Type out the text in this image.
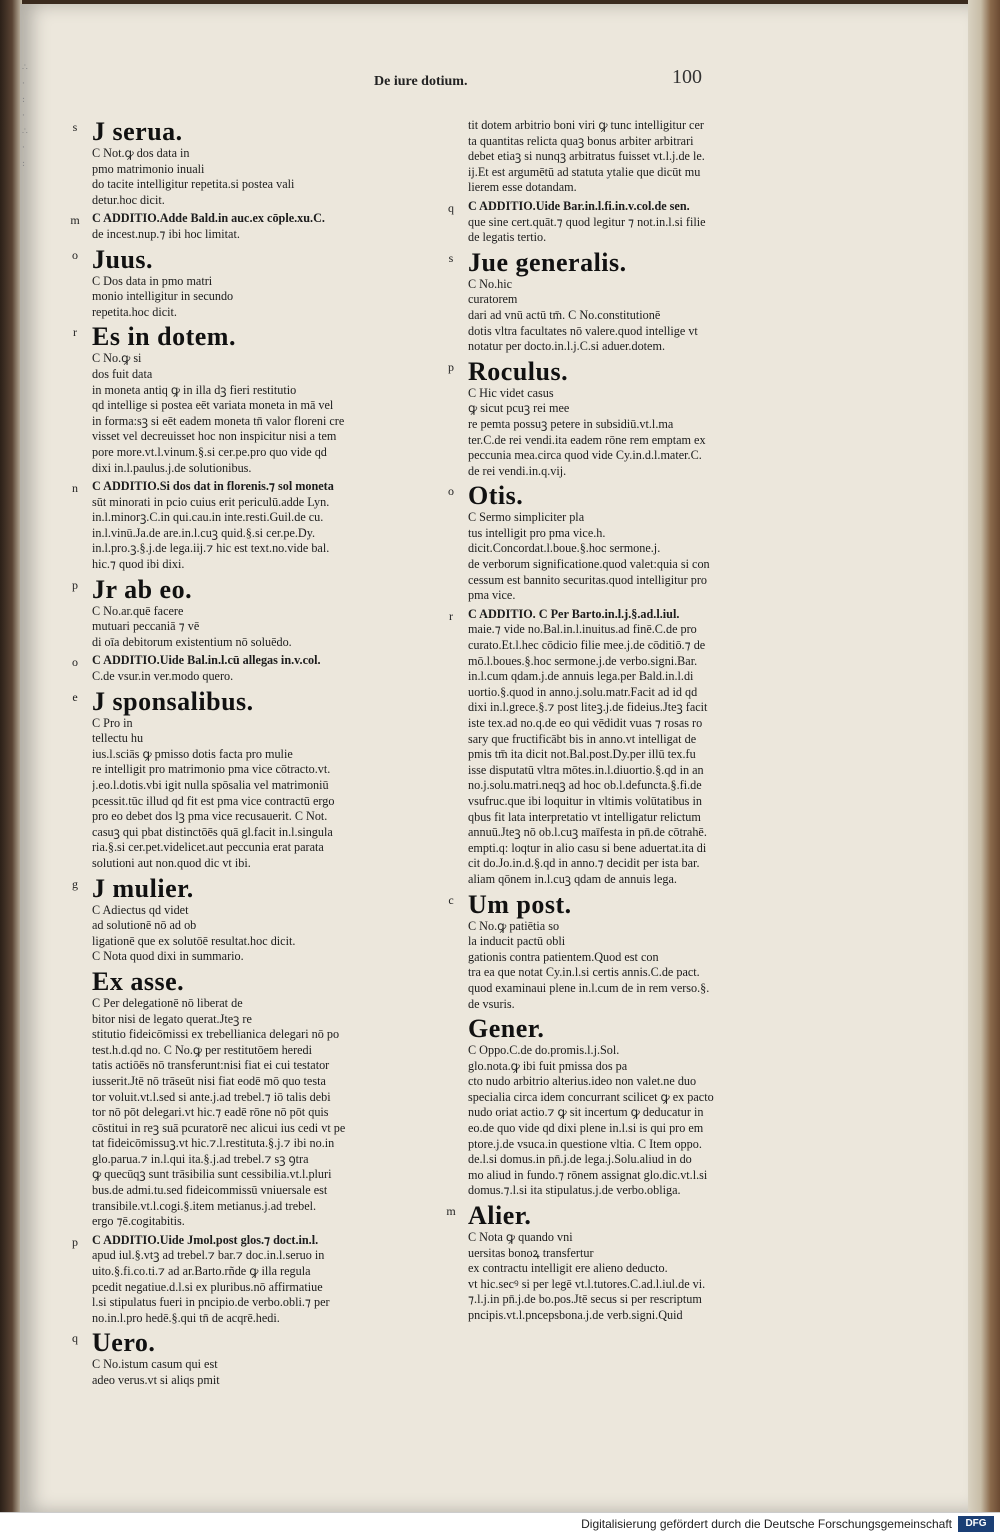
∴
·
:
·
∴
·
:
De iure dotium.	100
s J serua.
C Not.ꝙ dos data in
pmo matrimonio inuali
do tacite intelligitur repetita.si postea vali
detur.hoc dicit.
m	C ADDITIO.Adde Bald.in auc.ex cōple.xu.C.
de incest.nup.⁊ ibi hoc limitat.
o Juus.
C Dos data in pmo matri
monio intelligitur in secundo
repetita.hoc dicit.
r Es in dotem.
C No.ꝙ si
dos fuit data
in moneta antiq ꝙ in illa dꝫ fieri restitutio
qd intellige si postea eēt variata moneta in mā vel
in forma:sꝫ si eēt eadem moneta tn̄ valor floreni cre
visset vel decreuisset hoc non inspicitur nisi a tem
pore more.vt.l.vinum.§.si cer.pe.pro quo vide qd
dixi in.l.paulus.j.de solutionibus.
n	C ADDITIO.Si dos dat in florenis.⁊ sol moneta
sūt minorati in pcio cuius erit periculū.adde Lyn.
in.l.minorꝫ.C.in qui.cau.in inte.resti.Guil.de cu.
in.l.vinū.Ja.de are.in.l.cuꝫ quid.§.si cer.pe.Dy.
in.l.pro.ꝫ.§.j.de lega.iij.⁊ hic est text.no.vide bal.
hic.⁊ quod ibi dixi.
p Jr ab eo.
C No.ar.quē facere
mutuari peccaniā ⁊ vē
di oīa debitorum existentium nō soluēdo.
o	C ADDITIO.Uide Bal.in.l.cū allegas in.v.col.
C.de vsur.in ver.modo quero.
e J sponsalibus.
C Pro in
tellectu hu
ius.l.sciās ꝙ pmisso dotis facta pro mulie
re intelligit pro matrimonio pma vice cōtracto.vt.
j.eo.l.dotis.vbi igit nulla spōsalia vel matrimoniū
pcessit.tūc illud qd fit est pma vice contractū ergo
pro eo debet dos lꝫ pma vice recusauerit. C Not.
casuꝫ qui pbat distinctōēs quā gl.facit in.l.singula
ria.§.si cer.pet.videlicet.aut peccunia erat parata
solutioni aut non.quod dic vt ibi.
g J mulier.
C Adiectus qd videt
ad solutionē nō ad ob
ligationē que ex solutōē resultat.hoc dicit.
C Nota quod dixi in summario.
Ex asse.
C Per delegationē nō liberat de
bitor nisi de legato querat.Jteꝫ re
stitutio fideicōmissi ex trebellianica delegari nō po
test.h.d.qd no. C No.ꝙ per restitutōem heredi
tatis actiōēs nō transferunt:nisi fiat ei cui testator
iusserit.Jtē nō trāseūt nisi fiat eodē mō quo testa
tor voluit.vt.l.sed si ante.j.ad trebel.⁊ iō talis debi
tor nō pōt delegari.vt hic.⁊ eadē rōne nō pōt quis
cōstitui in reꝫ suā pcuratorē nec alicui ius cedi vt pe
tat fideicōmissuꝫ.vt hic.⁊.l.restituta.§.j.⁊ ibi no.in
glo.parua.⁊ in.l.qui ita.§.j.ad trebel.⁊ sꝫ ꝯtra
ꝙ quecūqꝫ sunt trāsibilia sunt cessibilia.vt.l.pluri
bus.de admi.tu.sed fideicommissū vniuersale est
transibile.vt.l.cogi.§.item metianus.j.ad trebel.
ergo ⁊ē.cogitabitis.
p	C ADDITIO.Uide Jmol.post glos.⁊ doct.in.l.
apud iul.§.vtꝫ ad trebel.⁊ bar.⁊ doc.in.l.seruo in
uito.§.fi.co.ti.⁊ ad ar.Barto.rñde ꝙ illa regula
pcedit negatiue.d.l.si ex pluribus.nō affirmatiue
l.si stipulatus fueri in pncipio.de verbo.obli.⁊ per
no.in.l.pro hedē.§.qui tn̄ de acqrē.hedi.
q Uero.
C No.istum casum qui est
adeo verus.vt si aliqs pmit
tit dotem arbitrio boni viri ꝙ tunc intelligitur cer
ta quantitas relicta quaꝫ bonus arbiter arbitrari
debet etiaꝫ si nunqꝫ arbitratus fuisset vt.l.j.de le.
ij.Et est argumētū ad statuta ytalie que dicūt mu
lierem esse dotandam.
q	C ADDITIO.Uide Bar.in.l.fi.in.v.col.de sen.
que sine cert.quāt.⁊ quod legitur ⁊ not.in.l.si filie
de legatis tertio.
s Jue generalis.
C No.hic
curatorem
dari ad vnū actū tm̄. C No.constitutionē
dotis vltra facultates nō valere.quod intellige vt
notatur per docto.in.l.j.C.si aduer.dotem.
p Roculus.
C Hic videt casus
ꝙ sicut pcuꝫ rei mee
re pemta possuꝫ petere in subsidiū.vt.l.ma
ter.C.de rei vendi.ita eadem rōne rem emptam ex
peccunia mea.circa quod vide Cy.in.d.l.mater.C.
de rei vendi.in.q.vij.
o Otis.
C Sermo simpliciter pla
tus intelligit pro pma vice.h.
dicit.Concordat.l.boue.§.hoc sermone.j.
de verborum significatione.quod valet:quia si con
cessum est bannito securitas.quod intelligitur pro
pma vice.
r	C ADDITIO. C Per Barto.in.l.j.§.ad.l.iul.
maie.⁊ vide no.Bal.in.l.inuitus.ad finē.C.de pro
curato.Et.l.hec cōdicio filie mee.j.de cōditiō.⁊ de
mō.l.boues.§.hoc sermone.j.de verbo.signi.Bar.
in.l.cum qdam.j.de annuis lega.per Bald.in.l.di
uortio.§.quod in anno.j.solu.matr.Facit ad id qd
dixi in.l.grece.§.⁊ post liteꝫ.j.de fideius.Jteꝫ facit
iste tex.ad no.q.de eo qui vēdidit vuas ⁊ rosas ro
sary que fructificābt bis in anno.vt intelligat de
pmis tm̄ ita dicit not.Bal.post.Dy.per illū tex.fu
isse disputatū vltra mōtes.in.l.diuortio.§.qd in an
no.j.solu.matri.neqꝫ ad hoc ob.l.defuncta.§.fi.de
vsufruc.que ibi loquitur in vltimis volūtatibus in
qbus fit lata interpretatio vt intelligatur relictum
annuū.Jteꝫ nō ob.l.cuꝫ maīfesta in pn̄.de cōtrahē.
empti.q: loqtur in alio casu si bene aduertat.ita di
cit do.Jo.in.d.§.qd in anno.⁊ decidit per ista bar.
aliam qōnem in.l.cuꝫ qdam de annuis lega.
c Um post.
C No.ꝙ patiētia so
la inducit pactū obli
gationis contra patientem.Quod est con
tra ea que notat Cy.in.l.si certis annis.C.de pact.
quod examinaui plene in.l.cum de in rem verso.§.
de vsuris.
Gener.
C Oppo.C.de do.promis.l.j.Sol.
glo.nota.ꝙ ibi fuit pmissa dos pa
cto nudo arbitrio alterius.ideo non valet.ne duo
specialia circa idem concurrant scilicet ꝙ ex pacto
nudo oriat actio.⁊ ꝙ sit incertum ꝙ deducatur in
eo.de quo vide qd dixi plene in.l.si is qui pro em
ptore.j.de vsuca.in questione vltia. C Item oppo.
de.l.si domus.in pn̄.j.de lega.j.Solu.aliud in do
mo aliud in fundo.⁊ rōnem assignat glo.dic.vt.l.si
domus.⁊.l.si ita stipulatus.j.de verbo.obliga.
m Alier.
C Nota ꝙ quando vni
uersitas bonoꝝ transfertur
ex contractu intelligit ere alieno deducto.
vt hic.secꝰ si per legē vt.l.tutores.C.ad.l.iul.de vi.
⁊.l.j.in pn̄.j.de bo.pos.Jtē secus si per rescriptum
pncipis.vt.l.pncepsbona.j.de verb.signi.Quid
Digitalisierung gefördert durch die Deutsche Forschungsgemeinschaft	DFG
